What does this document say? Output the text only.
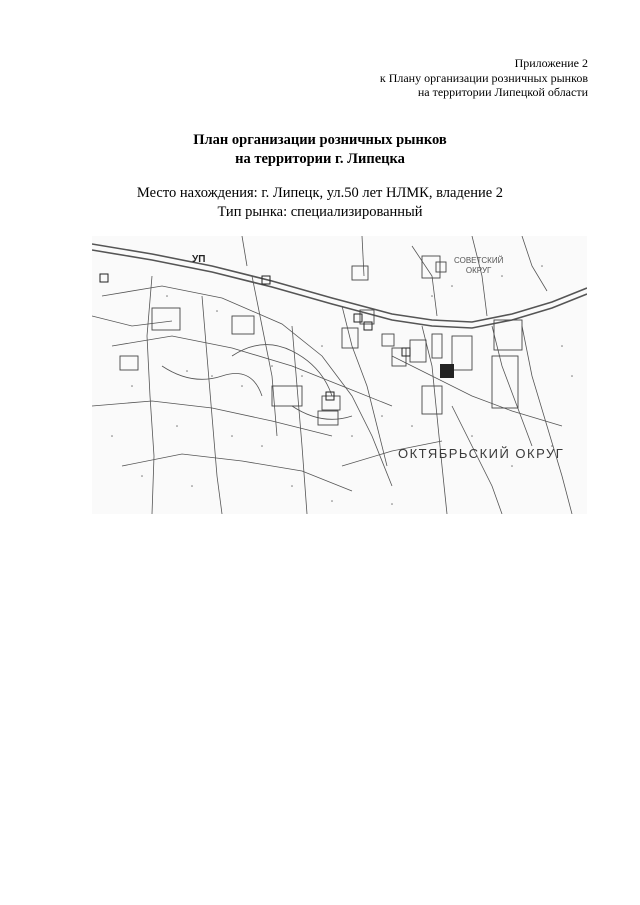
Приложение 2
к Плану организации розничных рынков
на территории Липецкой области
План организации розничных рынков
на территории г. Липецка
Место нахождения: г. Липецк, ул.50 лет НЛМК, владение 2
Тип рынка: специализированный
ОКТЯБРЬСКИЙ ОКРУГ
СОВЕТСКИЙ
ОКРУГ
УП
